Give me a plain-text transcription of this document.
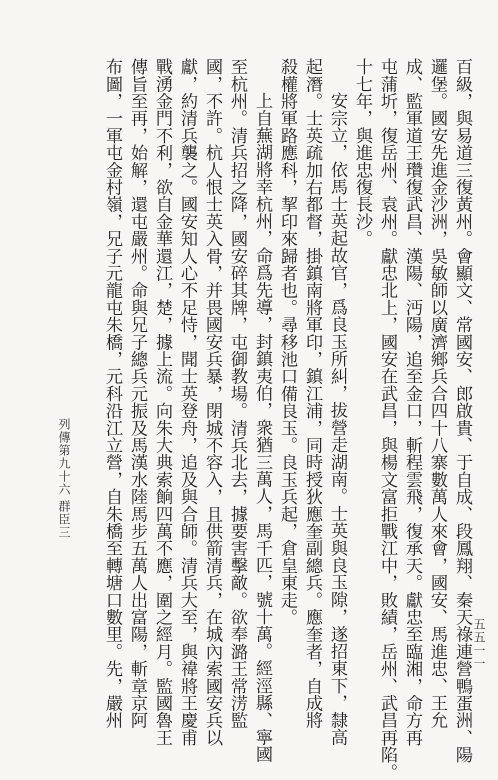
百級，與易道三復黃州。會顯文、常國安、郎啟貴、于自成、段鳳翔、秦天祿連營鴨蛋洲、陽
邏堡。國安先進金沙洲，吳敏師以廣濟鄉兵合四十八寨數萬人來會，國安、馬進忠、王允
成、監軍道王瓚復武昌、漢陽、沔陽，追至金口，斬程雲飛，復承天。獻忠至臨湘，命方再
屯蒲圻，復岳州、袁州。獻忠北上，國安在武昌，與楊文富拒戰江中，敗績，岳州、武昌再陷。
十七年，與進忠復長沙。
安宗立，依馬士英起故官，爲良玉所糾，拔營走湖南。士英與良玉隙，遂招東下，隸高
起潛。士英疏加右都督，掛鎮南將軍印，鎮江浦，同時授狄應奎副總兵。應奎者，自成將
殺權將軍路應科，挈印來歸者也。尋移池口備良玉。良玉兵起，倉皇東走。
上自蕪湖將幸杭州，命爲先導，封鎮夷伯，衆猶三萬人，馬千匹，號十萬。經涇縣、寧國
至杭州。清兵招之降，國安碎其牌，屯御教場。清兵北去，據要害擊敵。欲奉潞王常淓監
國，不許。杭人恨士英入骨，并畏國安兵暴，閉城不容入，且供箭清兵，在城內索國安兵以
獻，約清兵襲之。國安知人心不足恃，聞士英登舟，追及與合師。清兵大至，與禕將王慶甫
戰湧金門不利，欲自金華還江，楚，據上流。向朱大典索餉四萬不應，圍之經月。監國魯王
傳旨至再，始解，還屯嚴州。命與兄子總兵元振及馬漢水陸馬步五萬人出富陽，斬章京阿
布圖，一軍屯金村嶺，兄子元龍屯朱橋，元科沿江立營，自朱橋至轉塘口數里。先，嚴州
列傳第九十六
群臣三
五五一一
